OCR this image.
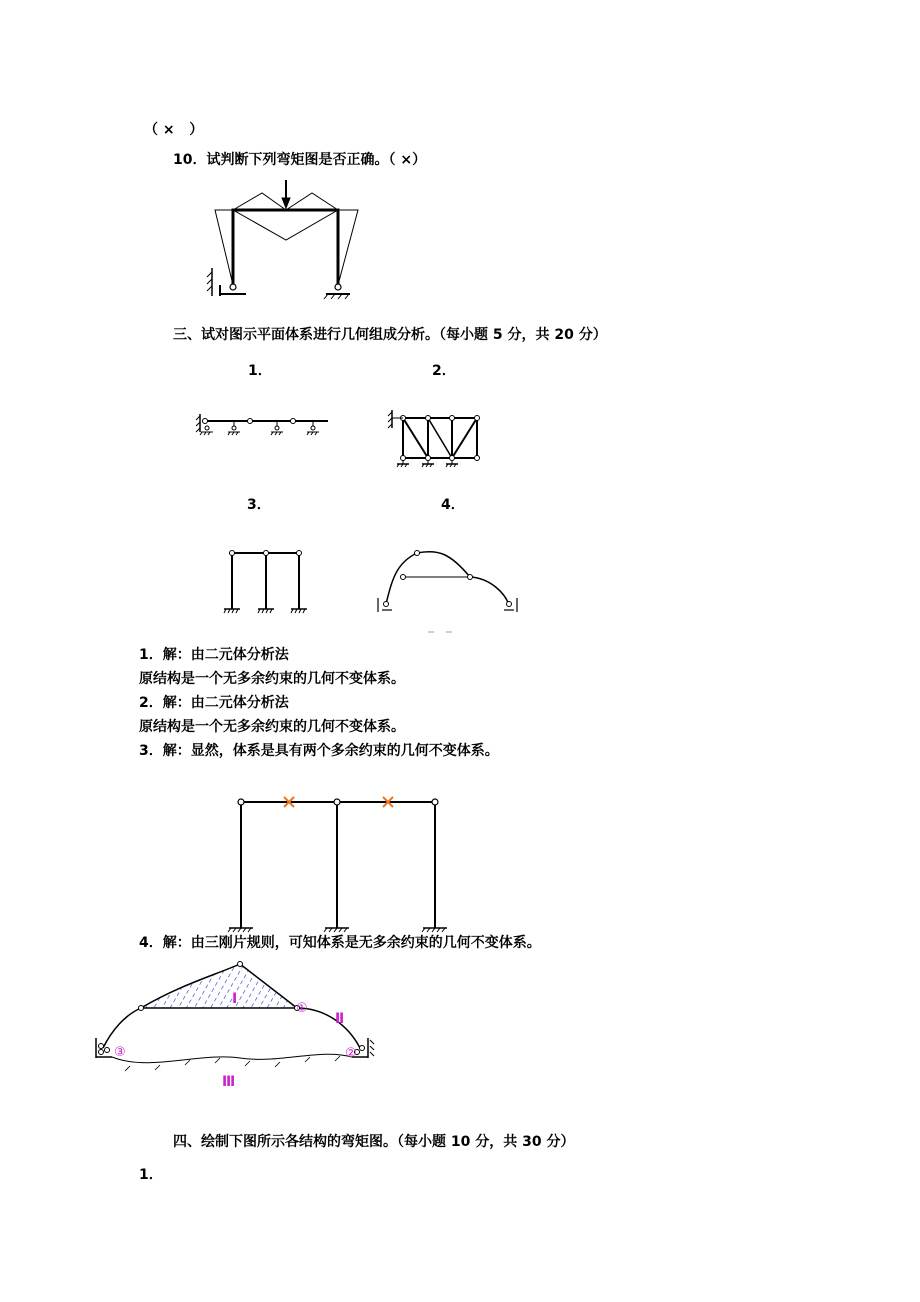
（ ×   ）
10．试判断下列弯矩图是否正确。（ ×）
三、试对图示平面体系进行几何组成分析。（每小题 5 分，共 20 分）
1．	2．
3．	4．
1．解：由二元体分析法
原结构是一个无多余约束的几何不变体系。
2．解：由二元体分析法
原结构是一个无多余约束的几何不变体系。
3．解：显然，体系是具有两个多余约束的几何不变体系。
4．解：由三刚片规则，可知体系是无多余约束的几何不变体系。
四、绘制下图所示各结构的弯矩图。（每小题 10 分，共 30 分）
1．
Ⅰ
Ⅱ
Ⅲ
①
②
③
